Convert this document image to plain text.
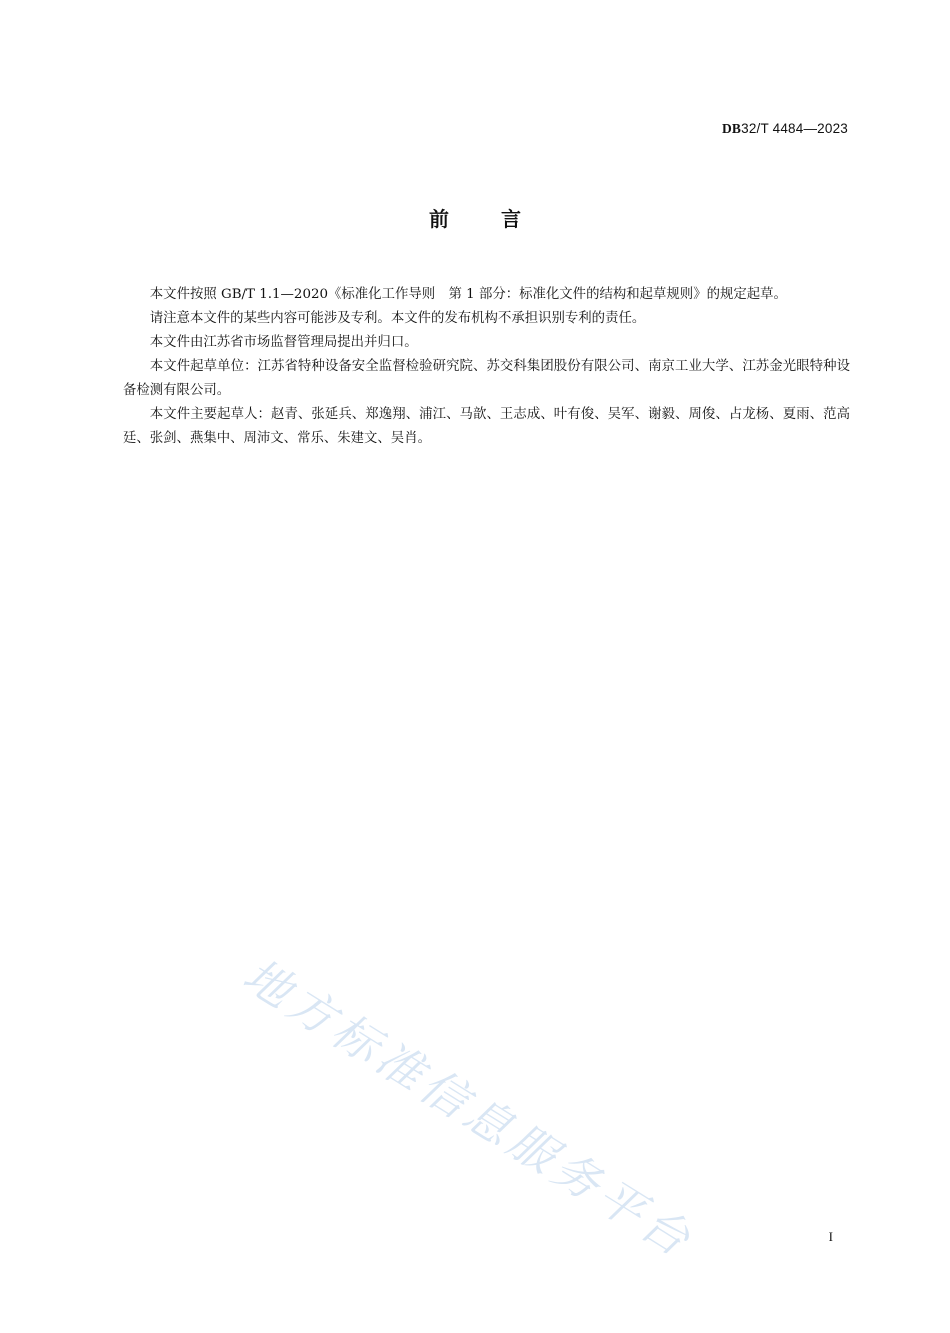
DB32/T 4484—2023
前言

本文件按照 GB/T 1.1—2020《标准化工作导则　第 1 部分：标准化文件的结构和起草规则》的规定起草。

请注意本文件的某些内容可能涉及专利。本文件的发布机构不承担识别专利的责任。

本文件由江苏省市场监督管理局提出并归口。

本文件起草单位：江苏省特种设备安全监督检验研究院、苏交科集团股份有限公司、南京工业大学、江苏金光眼特种设备检测有限公司。

本文件主要起草人：赵青、张延兵、郑逸翔、浦江、马歆、王志成、叶有俊、吴军、谢毅、周俊、占龙杨、夏雨、范高廷、张剑、燕集中、周沛文、常乐、朱建文、吴肖。

地方标准信息服务平台	I
